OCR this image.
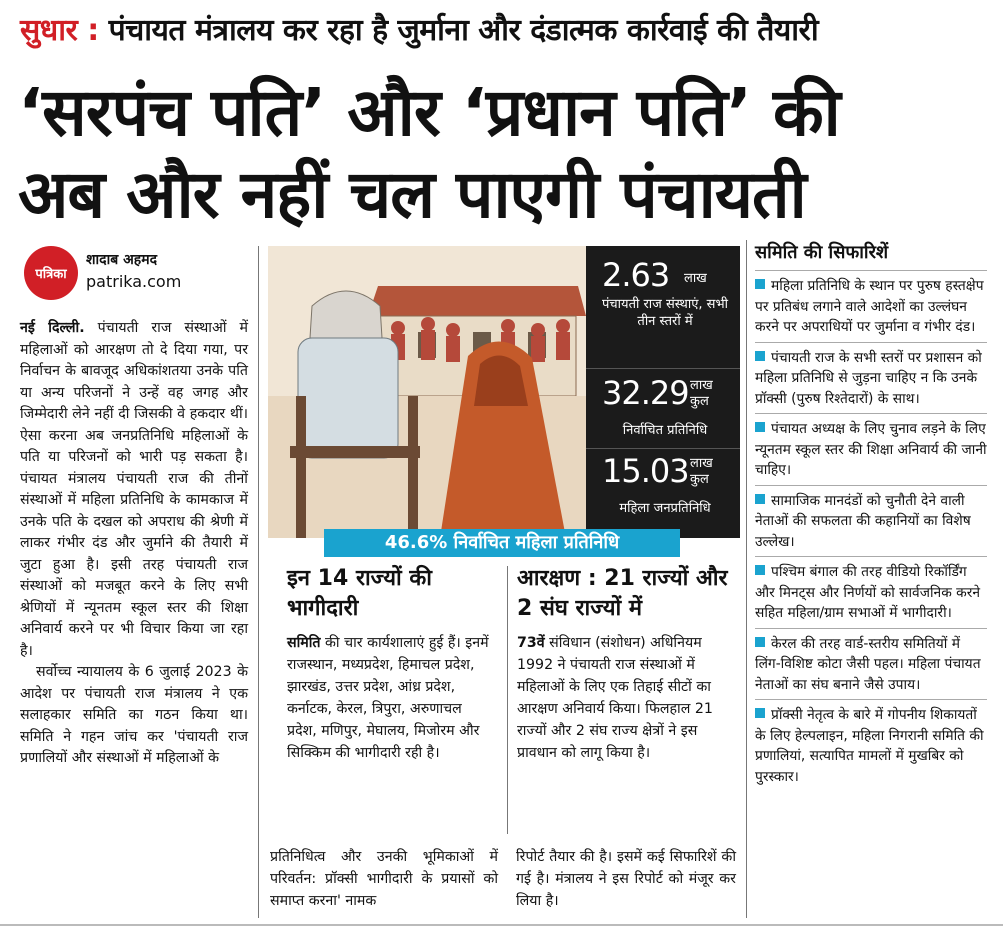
सुधार : पंचायत मंत्रालय कर रहा है जुर्माना और दंडात्मक कार्रवाई की तैयारी
‘सरपंच पति’ और ‘प्रधान पति’ की
अब और नहीं चल पाएगी पंचायती
पत्रिका
शादाब अहमद
patrika.com

नई दिल्ली. पंचायती राज संस्थाओं में महिलाओं को आरक्षण तो दे दिया गया, पर निर्वाचन के बावजूद अधिकांशतया उनके पति या अन्य परिजनों ने उन्हें वह जगह और जिम्मेदारी लेने नहीं दी जिसकी वे हकदार थीं। ऐसा करना अब जनप्रतिनिधि महिलाओं के पति या परिजनों को भारी पड़ सकता है। पंचायत मंत्रालय पंचायती राज की तीनों संस्थाओं में महिला प्रतिनिधि के कामकाज में उनके पति के दखल को अपराध की श्रेणी में लाकर गंभीर दंड और जुर्माने की तैयारी में जुटा हुआ है। इसी तरह पंचायती राज संस्थाओं को मजबूत करने के लिए सभी श्रेणियों में न्यूनतम स्कूल स्तर की शिक्षा अनिवार्य करने पर भी विचार किया जा रहा है।

सर्वोच्च न्यायालय के 6 जुलाई 2023 के आदेश पर पंचायती राज मंत्रालय ने एक सलाहकार समिति का गठन किया था। समिति ने गहन जांच कर 'पंचायती राज प्रणालियों और संस्थाओं में महिलाओं के

2.63 लाख
पंचायती राज संस्थाएं, सभी तीन स्तरों में
32.29 लाख कुल
निर्वाचित प्रतिनिधि
15.03 लाख कुल
महिला जनप्रतिनिधि
46.6% निर्वाचित महिला प्रतिनिधि
इन 14 राज्यों की भागीदारी
समिति की चार कार्यशालाएं हुई हैं। इनमें राजस्थान, मध्यप्रदेश, हिमाचल प्रदेश, झारखंड, उत्तर प्रदेश, आंध्र प्रदेश, कर्नाटक, केरल, त्रिपुरा, अरुणाचल प्रदेश, मणिपुर, मेघालय, मिजोरम और सिक्किम की भागीदारी रही है।
आरक्षण : 21 राज्यों और 2 संघ राज्यों में
73वें संविधान (संशोधन) अधिनियम 1992 ने पंचायती राज संस्थाओं में महिलाओं के लिए एक तिहाई सीटों का आरक्षण अनिवार्य किया। फिलहाल 21 राज्यों और 2 संघ राज्य क्षेत्रों ने इस प्रावधान को लागू किया है।
प्रतिनिधित्व और उनकी भूमिकाओं में परिवर्तन: प्रॉक्सी भागीदारी के प्रयासों को समाप्त करना' नामक
रिपोर्ट तैयार की है। इसमें कई सिफारिशें की गई है। मंत्रालय ने इस रिपोर्ट को मंजूर कर लिया है।
समिति की सिफारिशें
महिला प्रतिनिधि के स्थान पर पुरुष हस्तक्षेप पर प्रतिबंध लगाने वाले आदेशों का उल्लंघन करने पर अपराधियों पर जुर्माना व गंभीर दंड।
पंचायती राज के सभी स्तरों पर प्रशासन को महिला प्रतिनिधि से जुड़ना चाहिए न कि उनके प्रॉक्सी (पुरुष रिश्तेदारों) के साथ।
पंचायत अध्यक्ष के लिए चुनाव लड़ने के लिए न्यूनतम स्कूल स्तर की शिक्षा अनिवार्य की जानी चाहिए।
सामाजिक मानदंडों को चुनौती देने वाली नेताओं की सफलता की कहानियों का विशेष उल्लेख।
पश्चिम बंगाल की तरह वीडियो रिकॉर्डिंग और मिनट्स और निर्णयों को सार्वजनिक करने सहित महिला/ग्राम सभाओं में भागीदारी।
केरल की तरह वार्ड-स्तरीय समितियों में लिंग-विशिष्ट कोटा जैसी पहल। महिला पंचायत नेताओं का संघ बनाने जैसे उपाय।
प्रॉक्सी नेतृत्व के बारे में गोपनीय शिकायतों के लिए हेल्पलाइन, महिला निगरानी समिति की प्रणालियां, सत्यापित मामलों में मुखबिर को पुरस्कार।
